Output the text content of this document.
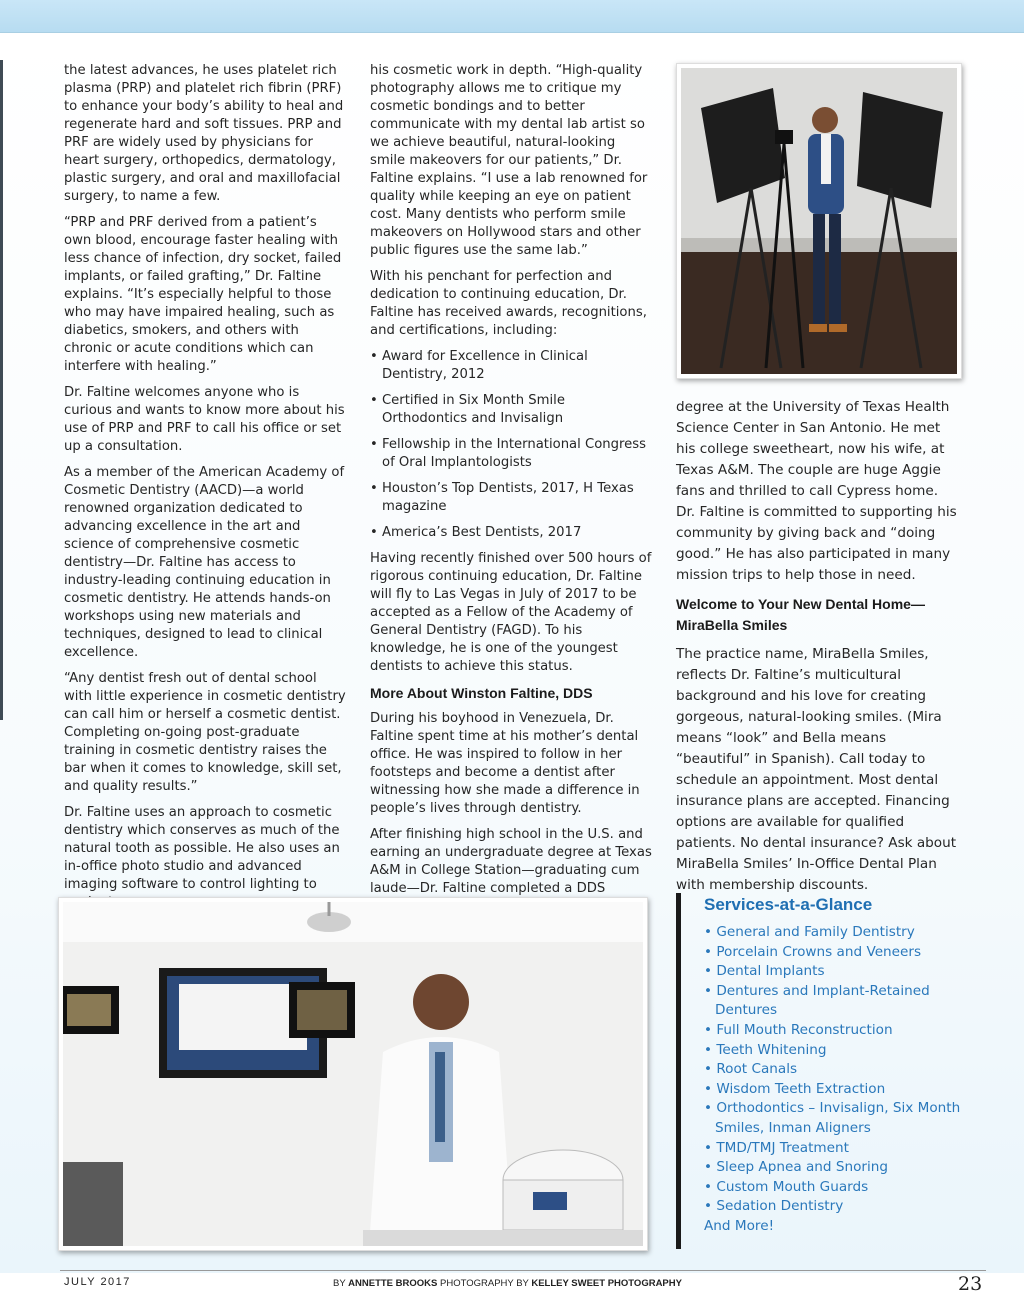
the latest advances, he uses platelet rich plasma (PRP) and platelet rich fibrin (PRF) to enhance your body’s ability to heal and regenerate hard and soft tissues. PRP and PRF are widely used by physicians for heart surgery, orthopedics, dermatology, plastic surgery, and oral and maxillofacial surgery, to name a few.

“PRP and PRF derived from a patient’s own blood, encourage faster healing with less chance of infection, dry socket, failed implants, or failed grafting,” Dr. Faltine explains. “It’s especially helpful to those who may have impaired healing, such as diabetics, smokers, and others with chronic or acute conditions which can interfere with healing.”

Dr. Faltine welcomes anyone who is curious and wants to know more about his use of PRP and PRF to call his office or set up a consultation.

As a member of the American Academy of Cosmetic Dentistry (AACD)—a world renowned organization dedicated to advancing excellence in the art and science of comprehensive cosmetic dentistry—Dr. Faltine has access to industry-leading continuing education in cosmetic dentistry. He attends hands-on workshops using new materials and techniques, designed to lead to clinical excellence.

“Any dentist fresh out of dental school with little experience in cosmetic dentistry can call him or herself a cosmetic dentist. Completing on-going post-graduate training in cosmetic dentistry raises the bar when it comes to knowledge, skill set, and quality results.”

Dr. Faltine uses an approach to cosmetic dentistry which conserves as much of the natural tooth as possible. He also uses an in-office photo studio and advanced imaging software to control lighting to

his cosmetic work in depth. “High-quality photography allows me to critique my cosmetic bondings and to better communicate with my dental lab artist so we achieve beautiful, natural-looking smile makeovers for our patients,” Dr. Faltine explains. “I use a lab renowned for quality while keeping an eye on patient cost. Many dentists who perform smile makeovers on Hollywood stars and other public figures use the same lab.”

With his penchant for perfection and dedication to continuing education, Dr. Faltine has received awards, recognitions, and certifications, including:

• Award for Excellence in Clinical Dentistry, 2012

• Certified in Six Month Smile Orthodontics and Invisalign

• Fellowship in the International Congress of Oral Implantologists

• Houston’s Top Dentists, 2017, H Texas magazine

• America’s Best Dentists, 2017

Having recently finished over 500 hours of rigorous continuing education, Dr. Faltine will fly to Las Vegas in July of 2017 to be accepted as a Fellow of the Academy of General Dentistry (FAGD). To his knowledge, he is one of the youngest dentists to achieve this status.

More About Winston Faltine, DDS

During his boyhood in Venezuela, Dr. Faltine spent time at his mother’s dental office. He was inspired to follow in her footsteps and become a dentist after witnessing how she made a difference in people’s lives through dentistry.

After finishing high school in the U.S. and earning an undergraduate degree at Texas A&M in College Station—graduating cum laude—Dr. Faltine completed a DDS

degree at the University of Texas Health Science Center in San Antonio. He met his college sweetheart, now his wife, at Texas A&M. The couple are huge Aggie fans and thrilled to call Cypress home. Dr. Faltine is committed to supporting his community by giving back and “doing good.” He has also participated in many mission trips to help those in need.

Welcome to Your New Dental Home—MiraBella Smiles

The practice name, MiraBella Smiles, reflects Dr. Faltine’s multicultural background and his love for creating gorgeous, natural-looking smiles. (Mira means “look” and Bella means “beautiful” in Spanish). Call today to schedule an appointment. Most dental insurance plans are accepted. Financing options are available for qualified patients. No dental insurance? Ask about MiraBella Smiles’ In-Office Dental Plan with membership discounts.

Services-at-a-Glance
• General and Family Dentistry
• Porcelain Crowns and Veneers
• Dental Implants
• Dentures and Implant-Retained Dentures
• Full Mouth Reconstruction
• Teeth Whitening
• Root Canals
• Wisdom Teeth Extraction
• Orthodontics – Invisalign, Six Month Smiles, Inman Aligners
• TMD/TMJ Treatment
• Sleep Apnea and Snoring
• Custom Mouth Guards
• Sedation Dentistry
And More!
JULY 2017	BY ANNETTE BROOKS PHOTOGRAPHY BY KELLEY SWEET PHOTOGRAPHY	23
